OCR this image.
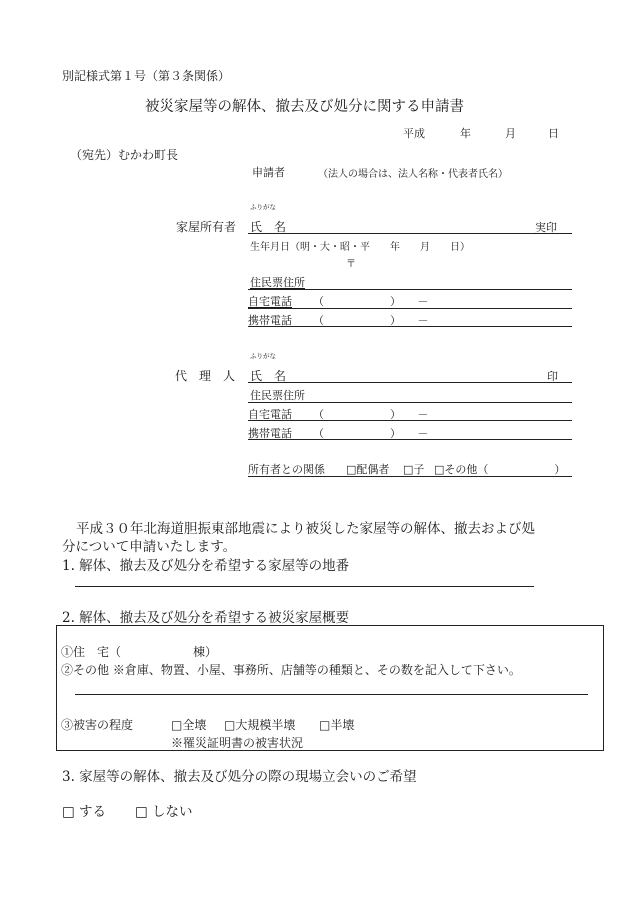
別記様式第１号（第３条関係）
被災家屋等の解体、撤去及び処分に関する申請書
平成	年	月	日
（宛先）むかわ町長
申請者	（法人の場合は、法人名称・代表者氏名）
ふりがな
家屋所有者 氏　名	実印
生年月日（明・大・昭・平　　年　　月　　日）
〒
住民票住所
自宅電話 （　　　　　　）　　－
携帯電話 （　　　　　　）　　－
ふりがな
代　理　人 氏　名	印
住民票住所
自宅電話 （　　　　　　）　　－
携帯電話 （　　　　　　）　　－
所有者との関係 □配偶者 □子 □その他（　　　　　　）
平成３０年北海道胆振東部地震により被災した家屋等の解体、撤去および処
分について申請いたします。
1. 解体、撤去及び処分を希望する家屋等の地番
2. 解体、撤去及び処分を希望する被災家屋概要
①住　宅（　　　　　　棟）
②その他 ※倉庫、物置、小屋、事務所、店舗等の種類と、その数を記入して下さい。
③被害の程度	□全壊 □大規模半壊 □半壊
※罹災証明書の被害状況
3. 家屋等の解体、撤去及び処分の際の現場立会いのご希望
□ する □ しない
